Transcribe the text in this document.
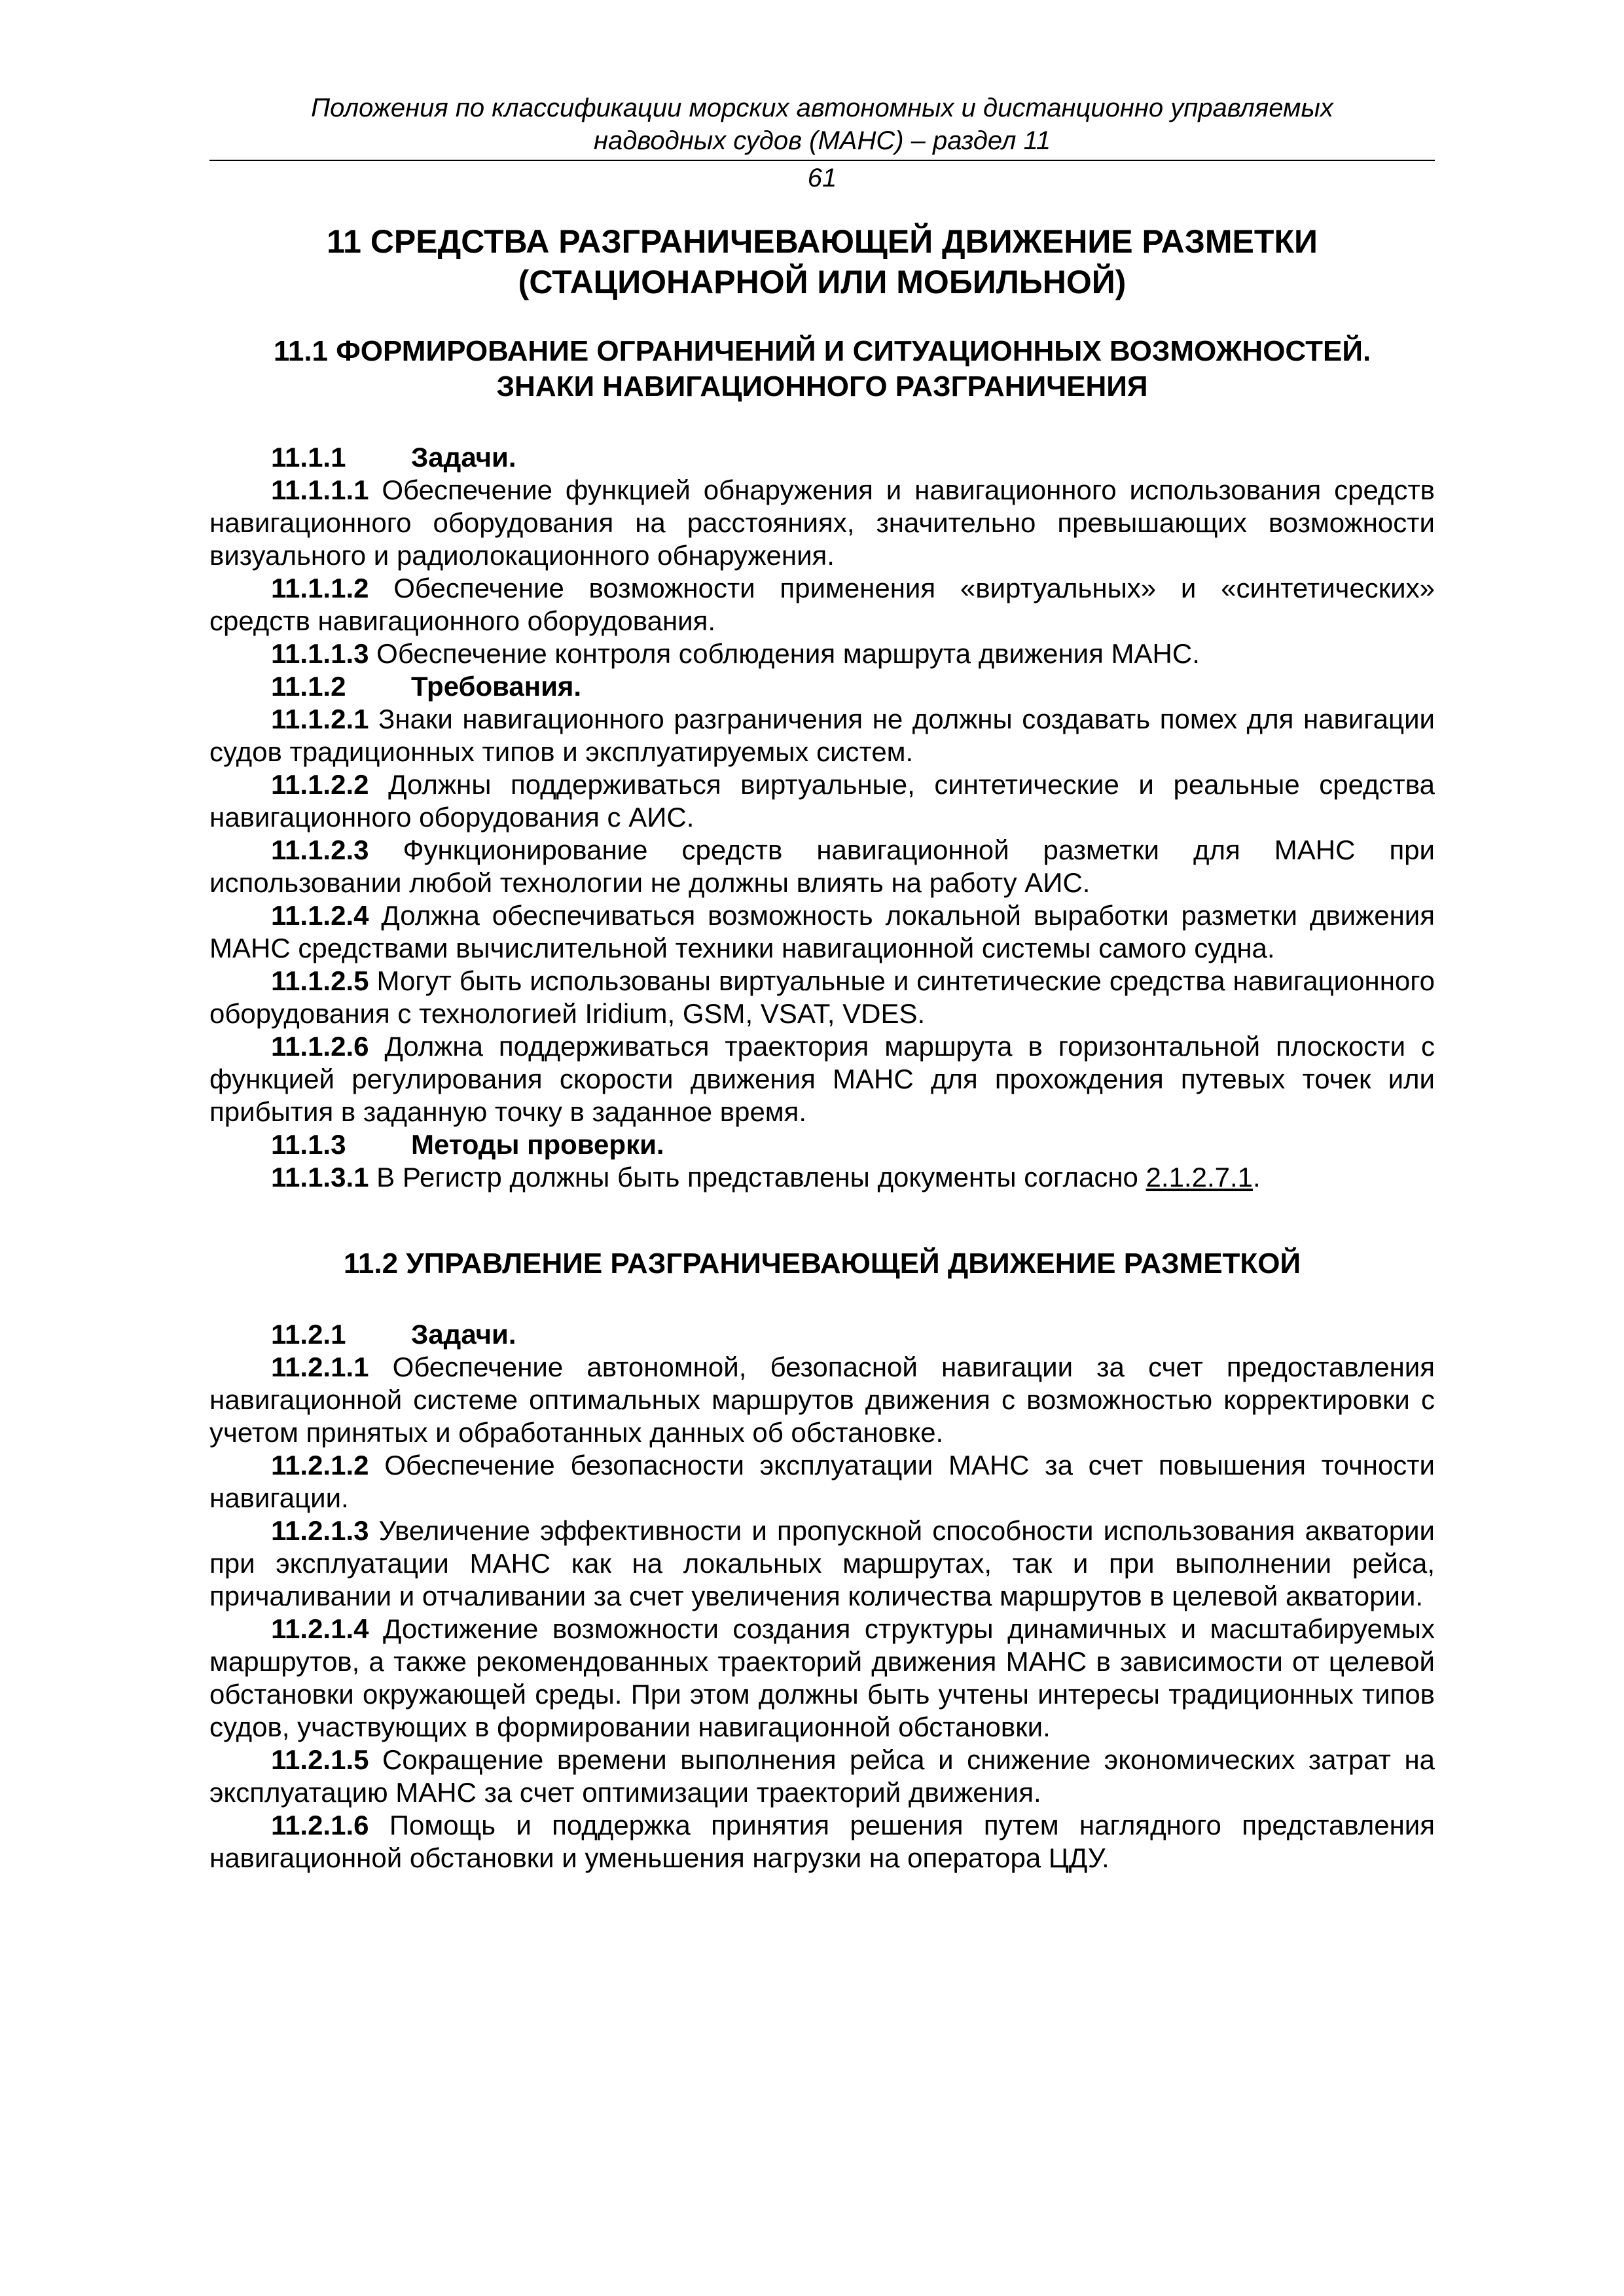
Положения по классификации морских автономных и дистанционно управляемых
надводных судов (МАНС) – раздел 11
61
11 СРЕДСТВА РАЗГРАНИЧЕВАЮЩЕЙ ДВИЖЕНИЕ РАЗМЕТКИ
(СТАЦИОНАРНОЙ ИЛИ МОБИЛЬНОЙ)
11.1 ФОРМИРОВАНИЕ ОГРАНИЧЕНИЙ И СИТУАЦИОННЫХ ВОЗМОЖНОСТЕЙ.
ЗНАКИ НАВИГАЦИОННОГО РАЗГРАНИЧЕНИЯ

11.1.1 Задачи.

11.1.1.1 Обеспечение функцией обнаружения и навигационного использования средств навигационного оборудования на расстояниях, значительно превышающих возможности визуального и радиолокационного обнаружения.

11.1.1.2 Обеспечение возможности применения «виртуальных» и «синтетических» средств навигационного оборудования.

11.1.1.3 Обеспечение контроля соблюдения маршрута движения МАНС.

11.1.2 Требования.

11.1.2.1 Знаки навигационного разграничения не должны создавать помех для навигации судов традиционных типов и эксплуатируемых систем.

11.1.2.2 Должны поддерживаться виртуальные, синтетические и реальные средства навигационного оборудования с АИС.

11.1.2.3 Функционирование средств навигационной разметки для МАНС при использовании любой технологии не должны влиять на работу АИС.

11.1.2.4 Должна обеспечиваться возможность локальной выработки разметки движения МАНС средствами вычислительной техники навигационной системы самого судна.

11.1.2.5 Могут быть использованы виртуальные и синтетические средства навигационного оборудования с технологией Iridium, GSM, VSAT, VDES.

11.1.2.6 Должна поддерживаться траектория маршрута в горизонтальной плоскости с функцией регулирования скорости движения МАНС для прохождения путевых точек или прибытия в заданную точку в заданное время.

11.1.3 Методы проверки.

11.1.3.1 В Регистр должны быть представлены документы согласно 2.1.2.7.1.

11.2 УПРАВЛЕНИЕ РАЗГРАНИЧЕВАЮЩЕЙ ДВИЖЕНИЕ РАЗМЕТКОЙ

11.2.1 Задачи.

11.2.1.1 Обеспечение автономной, безопасной навигации за счет предоставления навигационной системе оптимальных маршрутов движения с возможностью корректировки с учетом принятых и обработанных данных об обстановке.

11.2.1.2 Обеспечение безопасности эксплуатации МАНС за счет повышения точности навигации.

11.2.1.3 Увеличение эффективности и пропускной способности использования акватории при эксплуатации МАНС как на локальных маршрутах, так и при выполнении рейса, причаливании и отчаливании за счет увеличения количества маршрутов в целевой акватории.

11.2.1.4 Достижение возможности создания структуры динамичных и масштабируемых маршрутов, а также рекомендованных траекторий движения МАНС в зависимости от целевой обстановки окружающей среды. При этом должны быть учтены интересы традиционных типов судов, участвующих в формировании навигационной обстановки.

11.2.1.5 Сокращение времени выполнения рейса и снижение экономических затрат на эксплуатацию МАНС за счет оптимизации траекторий движения.

11.2.1.6 Помощь и поддержка принятия решения путем наглядного представления навигационной обстановки и уменьшения нагрузки на оператора ЦДУ.
